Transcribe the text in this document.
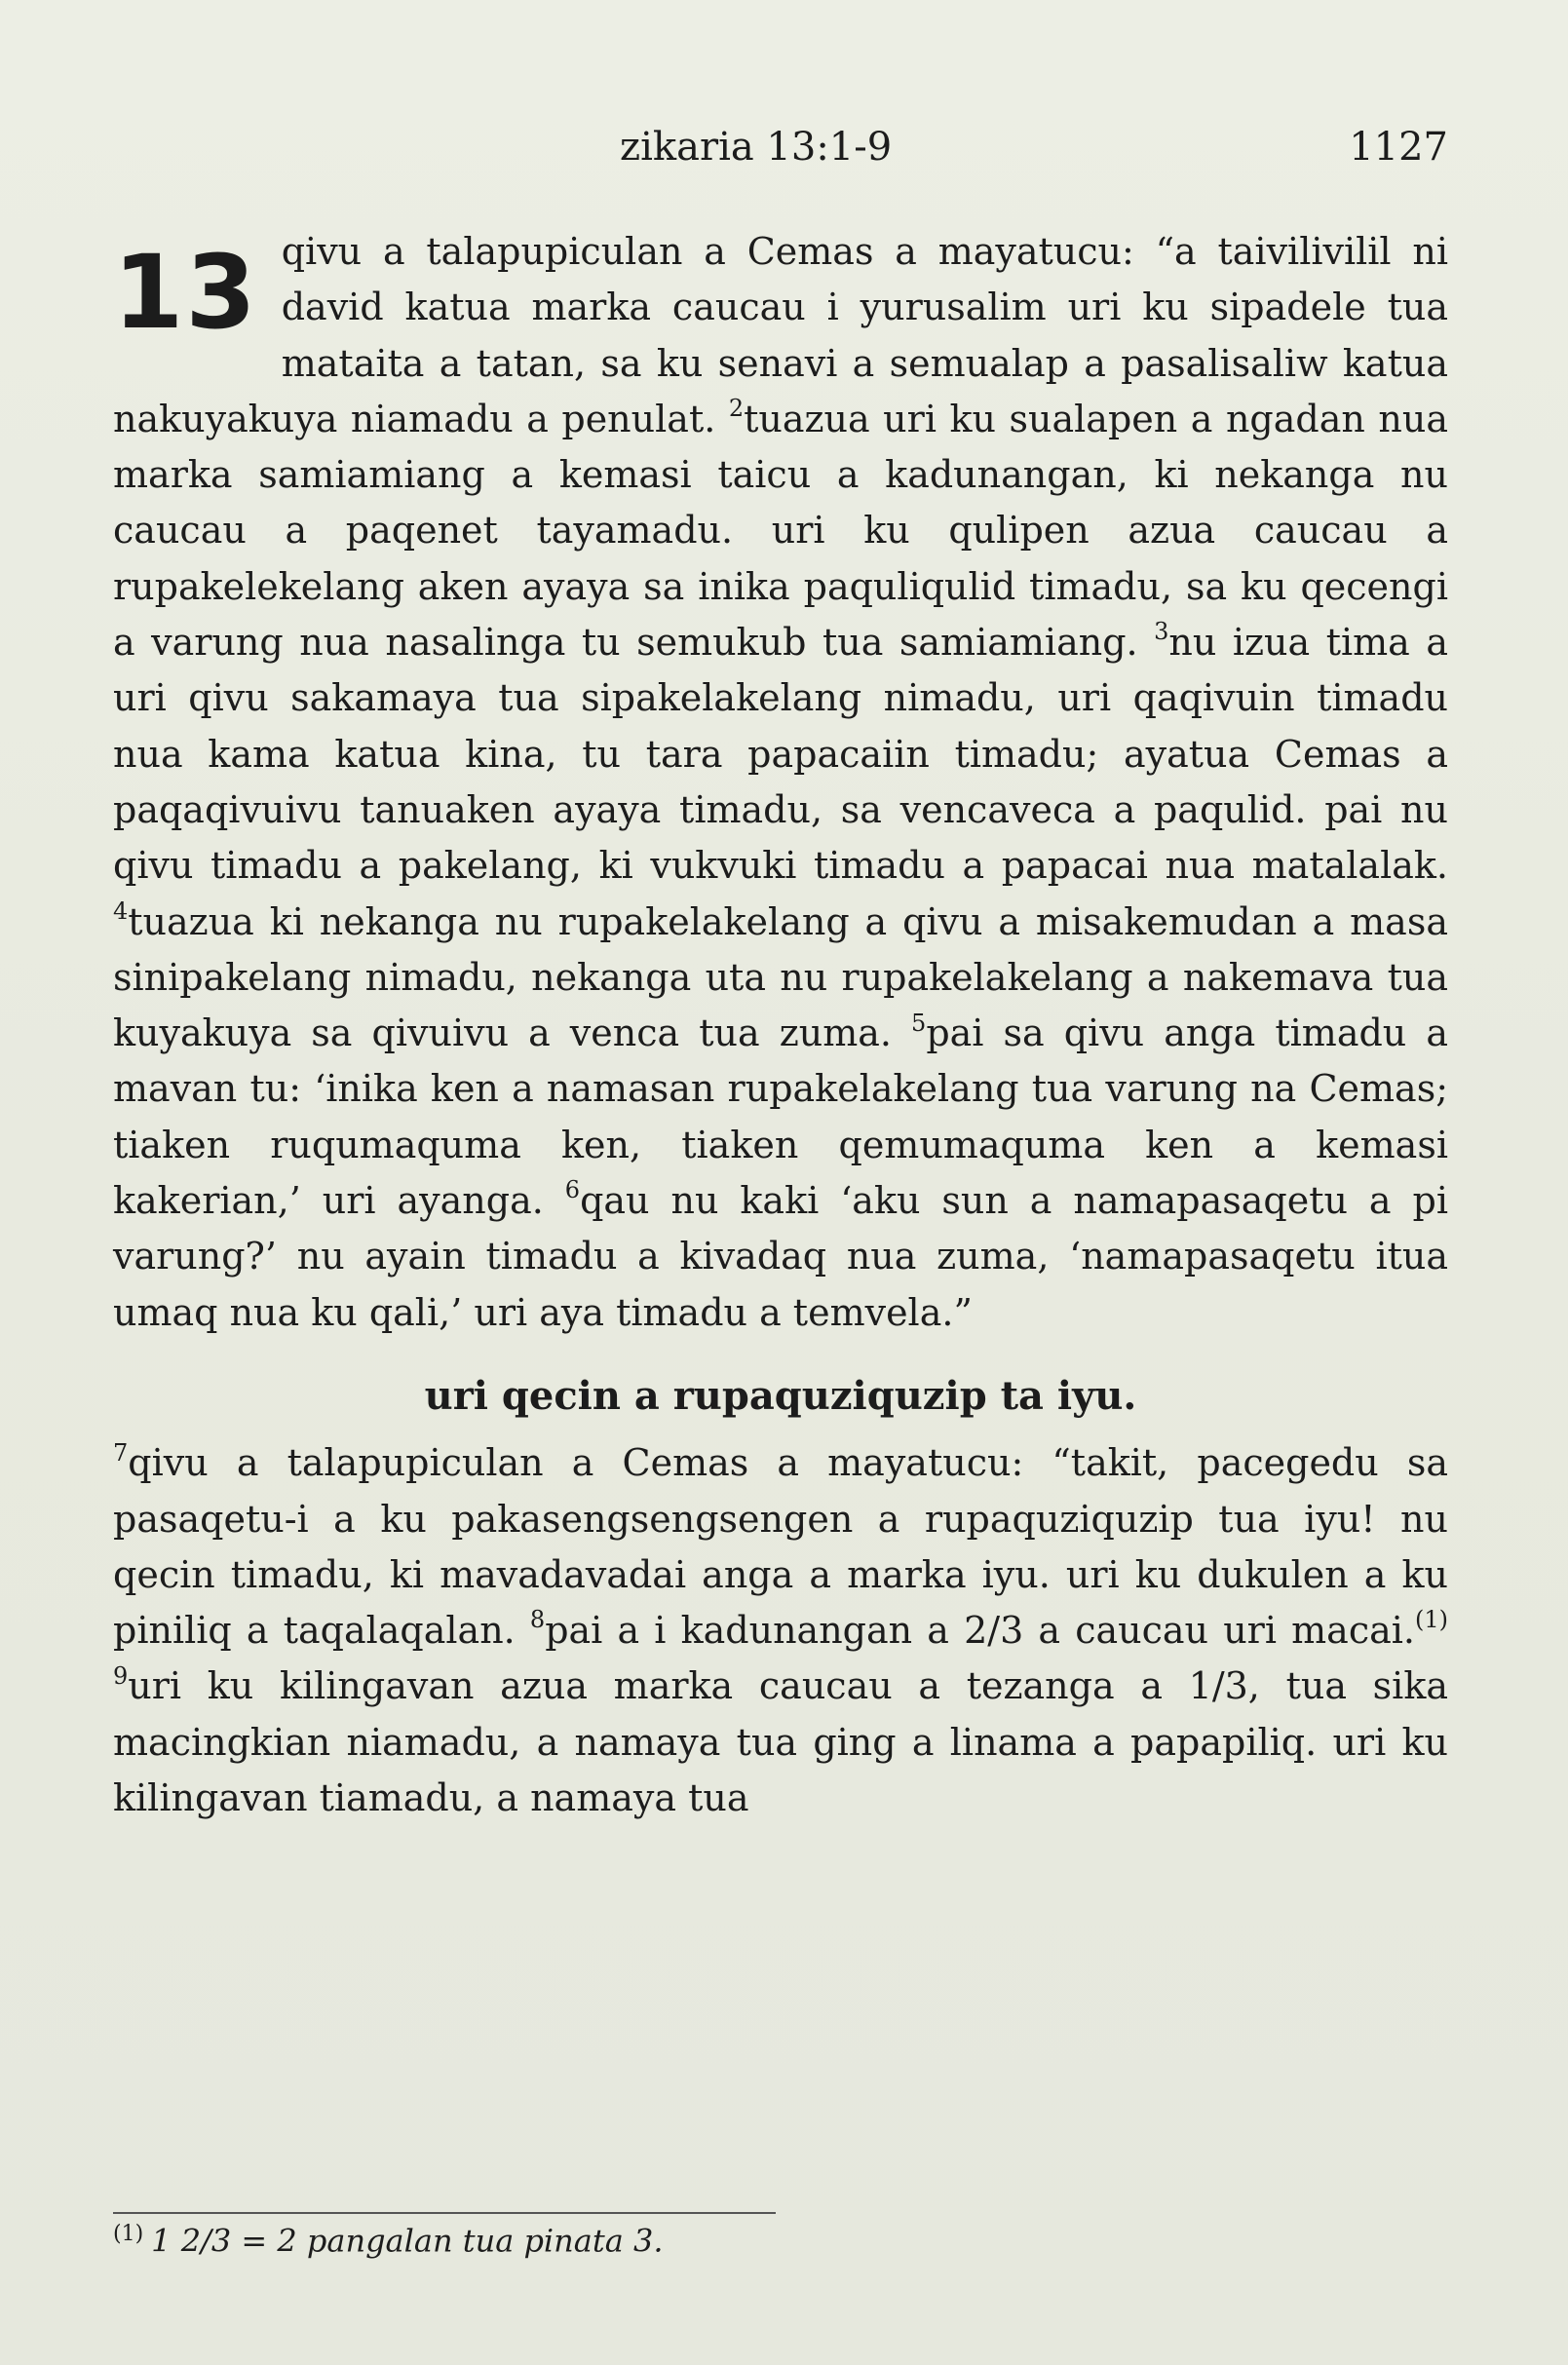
zikaria 13:1-9	1127

13 qivu a talapupiculan a Cemas a mayatucu: “a taivilivilil ni david katua marka caucau i yurusalim uri ku sipadele tua mataita a tatan, sa ku senavi a semualap a pasalisaliw katua nakuyakuya niamadu a penulat. $^2$tuazua uri ku sualapen a ngadan nua marka samiamiang a kemasi taicu a kadunangan, ki nekanga nu caucau a paqenet tayamadu. uri ku qulipen azua caucau a rupakelekelang aken ayaya sa inika paquliqulid timadu, sa ku qecengi a varung nua nasalinga tu semukub tua samiamiang. $^3$nu izua tima a uri qivu sakamaya tua sipakelakelang nimadu, uri qaqivuin timadu nua kama katua kina, tu tara papacaiin timadu; ayatua Cemas a paqaqivuivu tanuaken ayaya timadu, sa vencaveca a paqulid. pai nu qivu timadu a pakelang, ki vukvuki timadu a papacai nua matalalak. $^4$tuazua ki nekanga nu rupakelakelang a qivu a misakemudan a masa sinipakelang nimadu, nekanga uta nu rupakelakelang a nakemava tua kuyakuya sa qivuivu a venca tua zuma. $^5$pai sa qivu anga timadu a mavan tu: ‘inika ken a namasan rupakelakelang tua varung na Cemas; tiaken ruqumaquma ken, tiaken qemumaquma ken a kemasi kakerian,’ uri ayanga. $^6$qau nu kaki ‘aku sun a namapasaqetu a pi varung?’ nu ayain timadu a kivadaq nua zuma, ‘namapasaqetu itua umaq nua ku qali,’ uri aya timadu a temvela.”

uri qecin a rupaquziquzip ta iyu.

$^7$qivu a talapupiculan a Cemas a mayatucu: “takit, pacegedu sa pasaqetu-i a ku pakasengsengsengen a rupaquziquzip tua iyu! nu qecin timadu, ki mavadavadai anga a marka iyu. uri ku dukulen a ku piniliq a taqalaqalan. $^8$pai a i kadunangan a 2/3 a caucau uri macai.$^{(1)}$ $^9$uri ku kilingavan azua marka caucau a tezanga a 1/3, tua sika macingkian niamadu, a namaya tua ging a linama a papapiliq. uri ku kilingavan tiamadu, a namaya tua

$^{(1)}$ 1 2/3 = 2 pangalan tua pinata 3.
